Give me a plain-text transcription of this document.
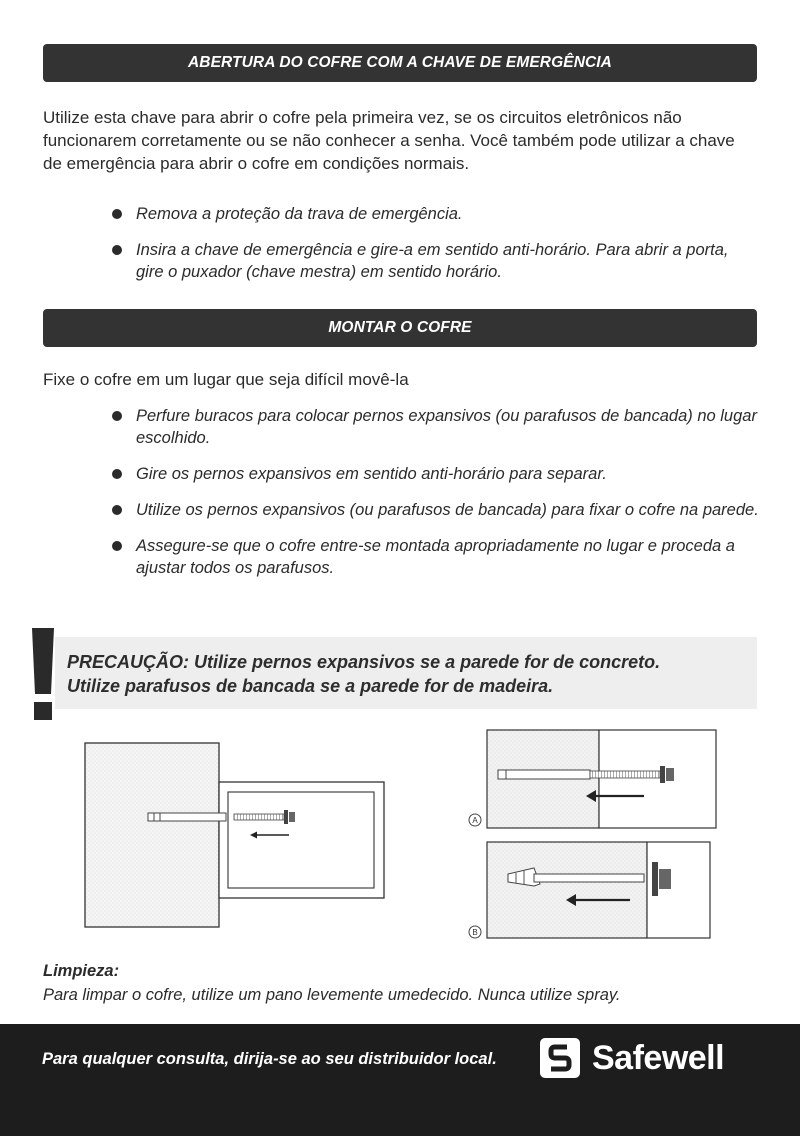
ABERTURA DO COFRE COM A CHAVE DE EMERGÊNCIA

Utilize esta chave para abrir o cofre pela primeira vez, se os circuitos eletrônicos não funcionarem corretamente ou se não conhecer a senha. Você também pode utilizar a chave de emergência para abrir o cofre em condições normais.

Remova a proteção da trava de emergência.
Insira a chave de emergência e gire-a em sentido anti-horário. Para abrir a porta, gire o puxador (chave mestra) em sentido horário.
MONTAR O COFRE

Fixe o cofre em um lugar que seja difícil movê-la

Perfure buracos para colocar pernos expansivos (ou parafusos de bancada) no lugar escolhido.
Gire os pernos expansivos em sentido anti-horário para separar.
Utilize os pernos expansivos (ou parafusos de bancada) para fixar o cofre na parede.
Assegure-se que o cofre entre-se montada apropriadamente no lugar e proceda a ajustar todos os parafusos.
PRECAUÇÃO: Utilize pernos expansivos se a parede for de concreto.
Utilize parafusos de bancada se a parede for de madeira.
A
B
Limpieza:
Para limpar o cofre, utilize um pano levemente umedecido. Nunca utilize spray.
Para qualquer consulta, dirija-se ao seu distribuidor local.	Safewell
